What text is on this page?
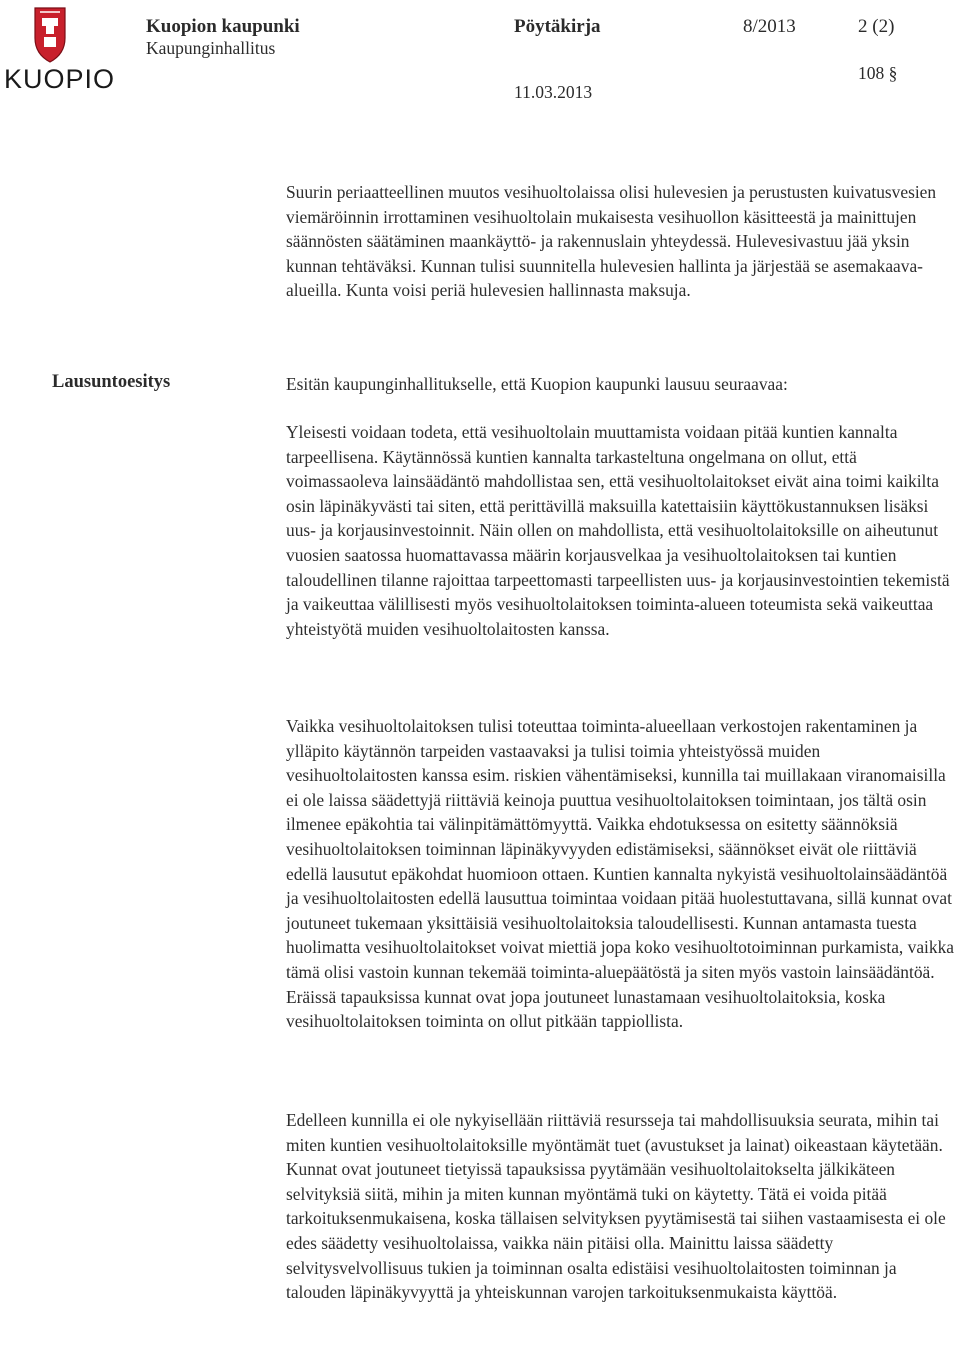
KUOPIO
Kuopion kaupunki
Kaupunginhallitus
Pöytäkirja	8/2013	2 (2)
108 §
11.03.2013

Suurin periaatteellinen muutos vesihuoltolaissa olisi hulevesien ja perustusten kuivatusvesien viemäröinnin irrottaminen vesihuoltolain mukaisesta vesihuollon käsitteestä ja mainittujen säännösten säätäminen maankäyttö- ja rakennuslain yhteydessä. Hulevesivastuu jää yksin kunnan tehtäväksi. Kunnan tulisi suunnitella hulevesien hallinta ja järjestää se asemakaava-alueilla. Kunta voisi periä hulevesien hallinnasta maksuja.

Lausuntoesitys	Esitän kaupunginhallitukselle, että Kuopion kaupunki lausuu seuraavaa:

Yleisesti voidaan todeta, että vesihuoltolain muuttamista voidaan pitää kuntien kannalta tarpeellisena. Käytännössä kuntien kannalta tarkasteltuna ongelmana on ollut, että voimassaoleva lainsäädäntö mahdollistaa sen, että vesihuoltolaitokset eivät aina toimi kaikilta osin läpinäkyvästi tai siten, että perittävillä maksuilla katettaisiin käyttökustannuksen lisäksi uus- ja korjausinvestoinnit. Näin ollen on mahdollista, että vesihuoltolaitoksille on aiheutunut vuosien saatossa huomattavassa määrin korjausvelkaa ja vesihuoltolaitoksen tai kuntien taloudellinen tilanne rajoittaa tarpeettomasti tarpeellisten uus- ja korjausinvestointien tekemistä ja vaikeuttaa välillisesti myös vesihuoltolaitoksen toiminta-alueen toteumista sekä vaikeuttaa yhteistyötä muiden vesihuoltolaitosten kanssa.

Vaikka vesihuoltolaitoksen tulisi toteuttaa toiminta-alueellaan verkostojen rakentaminen ja ylläpito käytännön tarpeiden vastaavaksi ja tulisi toimia yhteistyössä muiden vesihuoltolaitosten kanssa esim. riskien vähentämiseksi, kunnilla tai muillakaan viranomaisilla ei ole laissa säädettyjä riittäviä keinoja puuttua vesihuoltolaitoksen toimintaan, jos tältä osin ilmenee epäkohtia tai välinpitämättömyyttä. Vaikka ehdotuksessa on esitetty säännöksiä vesihuoltolaitoksen toiminnan läpinäkyvyyden edistämiseksi, säännökset eivät ole riittäviä edellä lausutut epäkohdat huomioon ottaen. Kuntien kannalta nykyistä vesihuoltolainsäädäntöä ja vesihuoltolaitosten edellä lausuttua toimintaa voidaan pitää huolestuttavana, sillä kunnat ovat joutuneet tukemaan yksittäisiä vesihuoltolaitoksia taloudellisesti. Kunnan antamasta tuesta huolimatta vesihuoltolaitokset voivat miettiä jopa koko vesihuoltotoiminnan purkamista, vaikka tämä olisi vastoin kunnan tekemää toiminta-aluepäätöstä ja siten myös vastoin lainsäädäntöä. Eräissä tapauksissa kunnat ovat jopa joutuneet lunastamaan vesihuoltolaitoksia, koska vesihuoltolaitoksen toiminta on ollut pitkään tappiollista.

Edelleen kunnilla ei ole nykyisellään riittäviä resursseja tai mahdollisuuksia seurata, mihin tai miten kuntien vesihuoltolaitoksille myöntämät tuet (avustukset ja lainat) oikeastaan käytetään. Kunnat ovat joutuneet tietyissä tapauksissa pyytämään vesihuoltolaitokselta jälkikäteen selvityksiä siitä, mihin ja miten kunnan myöntämä tuki on käytetty. Tätä ei voida pitää tarkoituksenmukaisena, koska tällaisen selvityksen pyytämisestä tai siihen vastaamisesta ei ole edes säädetty vesihuoltolaissa, vaikka näin pitäisi olla. Mainittu laissa säädetty selvitysvelvollisuus tukien ja toiminnan osalta edistäisi vesihuoltolaitosten toiminnan ja talouden läpinäkyvyyttä ja yhteiskunnan varojen tarkoituksenmukaista käyttöä.
